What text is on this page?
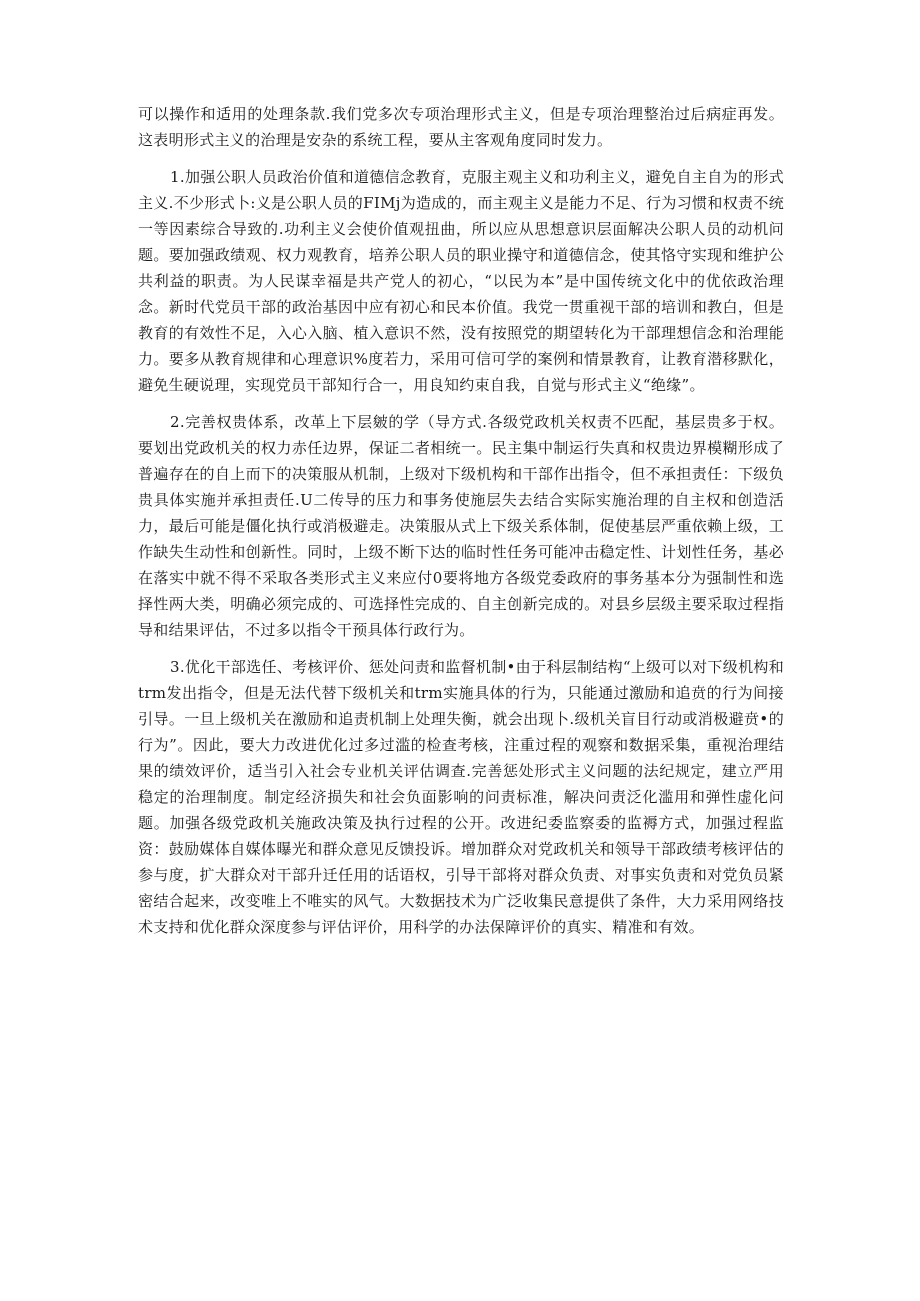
可以操作和适用的处理条款.我们党多次专项治理形式主义，但是专项治理整治过后病症再发。这表明形式主义的治理是安杂的系统工程，要从主客观角度同时发力。

1.加强公职人员政治价值和道德信念教育，克服主观主义和功利主义，避免自主自为的形式主义.不少形式卜:义是公职人员的FIMj为造成的，而主观主义是能力不足、行为习惯和权责不统一等因素综合导致的.功利主义会使价值观扭曲，所以应从思想意识层面解决公职人员的动机问题。要加强政绩观、权力观教育，培养公职人员的职业操守和道德信念，使其恪守实现和维护公共利益的职责。为人民谋幸福是共产党人的初心，“以民为本”是中国传统文化中的优依政治理念。新时代党员干部的政治基因中应有初心和民本价值。我党一贯重视干部的培训和教白，但是教育的有效性不足，入心入脑、植入意识不然，没有按照党的期望转化为干部理想信念和治理能力。要多从教育规律和心理意识%度若力，采用可信可学的案例和情景教育，让教育潜移默化，避免生硬说理，实现党员干部知行合一，用良知约束自我，自觉与形式主义“绝缘”。

2.完善权贵体系，改革上下层皴的学（导方式.各级党政机关权责不匹配，基层贵多于权。要划出党政机关的权力赤任边界，保证二者相统一。民主集中制运行失真和权贵边界模糊形成了普遍存在的自上而下的决策服从机制，上级对下级机构和干部作出指令，但不承担责任：下级负贵具体实施并承担责任.U二传导的压力和事务使施层失去结合实际实施治理的自主权和创造活力，最后可能是僵化执行或消极避走。决策服从式上下级关系体制，促使基层严重依赖上级，工作缺失生动性和创新性。同时，上级不断下达的临时性任务可能冲击稳定性、计划性任务，基必在落实中就不得不采取各类形式主义来应付0要将地方各级党委政府的事务基本分为强制性和选择性两大类，明确必须完成的、可选择性完成的、自主创新完成的。对县乡层级主要采取过程指导和结果评估，不过多以指令干预具体行政行为。

3.优化干部选任、考核评价、惩处问责和监督机制•由于科层制结构“上级可以对下级机构和trm发出指令，但是无法代替下级机关和trm实施具体的行为，只能通过激励和追贲的行为间接引导。一旦上级机关在激励和追责机制上处理失衡，就会出现卜.级机关盲目行动或消极避贲•的行为”。因此，要大力改进优化过多过滥的检查考核，注重过程的观察和数据采集，重视治理结果的绩效评价，适当引入社会专业机关评估调查.完善惩处形式主义问题的法纪规定，建立严用稳定的治理制度。制定经济损失和社会负面影响的问责标准，解决问责泛化滥用和弹性虚化问题。加强各级党政机关施政决策及执行过程的公开。改进纪委监察委的监褥方式，加强过程监资：鼓励媒体自媒体曝光和群众意见反馈投诉。增加群众对党政机关和领导干部政绩考核评估的参与度，扩大群众对干部升迁任用的话语权，引导干部将对群众负责、对事实负责和对党负员紧密结合起来，改变唯上不唯实的风气。大数据技术为广泛收集民意提供了条件，大力采用网络技术支持和优化群众深度参与评估评价，用科学的办法保障评价的真实、精准和有效。
